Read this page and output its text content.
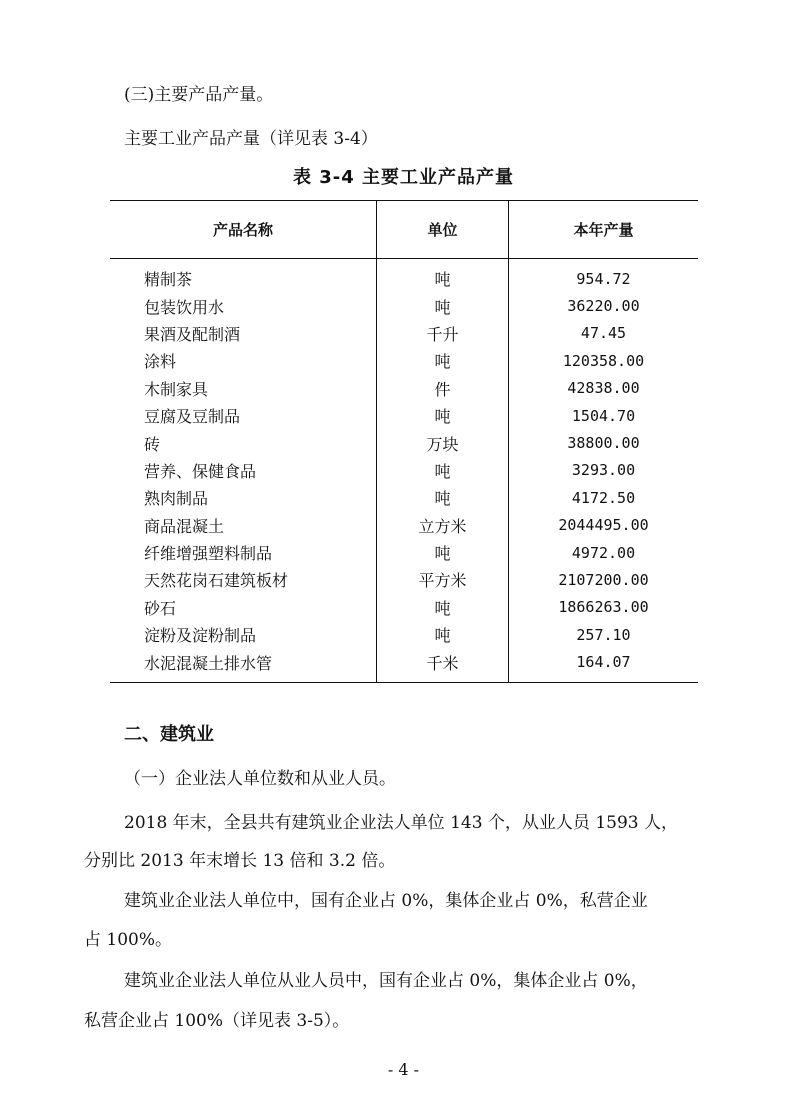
(三)主要产品产量。
主要工业产品产量（详见表 3-4）
表 3-4 主要工业产品产量
产品名称	单位	本年产量
精制茶	吨	954.72
包装饮用水	吨	36220.00
果酒及配制酒	千升	47.45
涂料	吨	120358.00
木制家具	件	42838.00
豆腐及豆制品	吨	1504.70
砖	万块	38800.00
营养、保健食品	吨	3293.00
熟肉制品	吨	4172.50
商品混凝土	立方米	2044495.00
纤维增强塑料制品	吨	4972.00
天然花岗石建筑板材	平方米	2107200.00
砂石	吨	1866263.00
淀粉及淀粉制品	吨	257.10
水泥混凝土排水管	千米	164.07
二、建筑业
（一）企业法人单位数和从业人员。
2018 年末，全县共有建筑业企业法人单位 143 个，从业人员 1593 人，
分别比 2013 年末增长 13 倍和 3.2 倍。
建筑业企业法人单位中，国有企业占 0%，集体企业占 0%，私营企业
占 100%。
建筑业企业法人单位从业人员中，国有企业占 0%，集体企业占 0%，
私营企业占 100%（详见表 3-5）。
- 4 -
